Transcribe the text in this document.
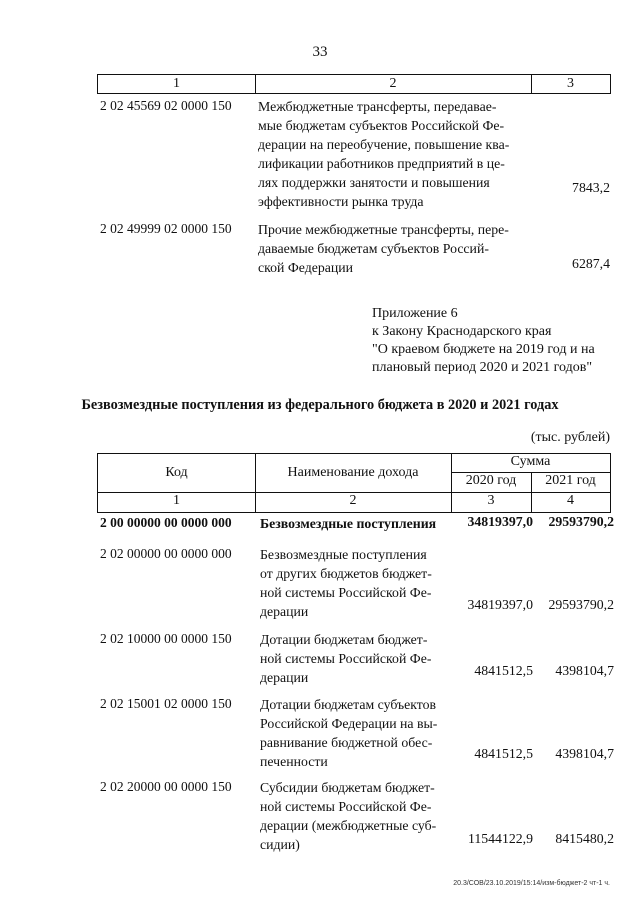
33
1	2	3
2 02 45569 02 0000 150 Межбюджетные трансферты, передавае-
мые бюджетам субъектов Российской Фе-
дерации на переобучение, повышение ква-
лификации работников предприятий в це-
лях поддержки занятости и повышения
эффективности рынка труда
7843,2
2 02 49999 02 0000 150 Прочие межбюджетные трансферты, пере-
даваемые бюджетам субъектов Россий-
ской Федерации	6287,4
Приложение 6
к Закону Краснодарского края
"О краевом бюджете на 2019 год и на
плановый период 2020 и 2021 годов"
Безвозмездные поступления из федерального бюджета в 2020 и 2021 годах
(тыс. рублей)
Код	Наименование дохода
Сумма
2020 год	2021 год
1	2	3	4
2 00 00000 00 0000 000 Безвозмездные поступления 34819397,0 29593790,2
2 02 00000 00 0000 000 Безвозмездные поступления
от других бюджетов бюджет-
ной системы Российской Фе-
дерации	34819397,0 29593790,2
2 02 10000 00 0000 150 Дотации бюджетам бюджет-
ной системы Российской Фе-
дерации	4841512,5 4398104,7
2 02 15001 02 0000 150 Дотации бюджетам субъектов
Российской Федерации на вы-
равнивание бюджетной обес-
печенности
4841512,5 4398104,7
2 02 20000 00 0000 150 Субсидии бюджетам бюджет-
ной системы Российской Фе-
дерации (межбюджетные суб-
сидии)	11544122,9 8415480,2
20.3/СОВ/23.10.2019/15:14/изм-бюджет-2 чт-1 ч.
